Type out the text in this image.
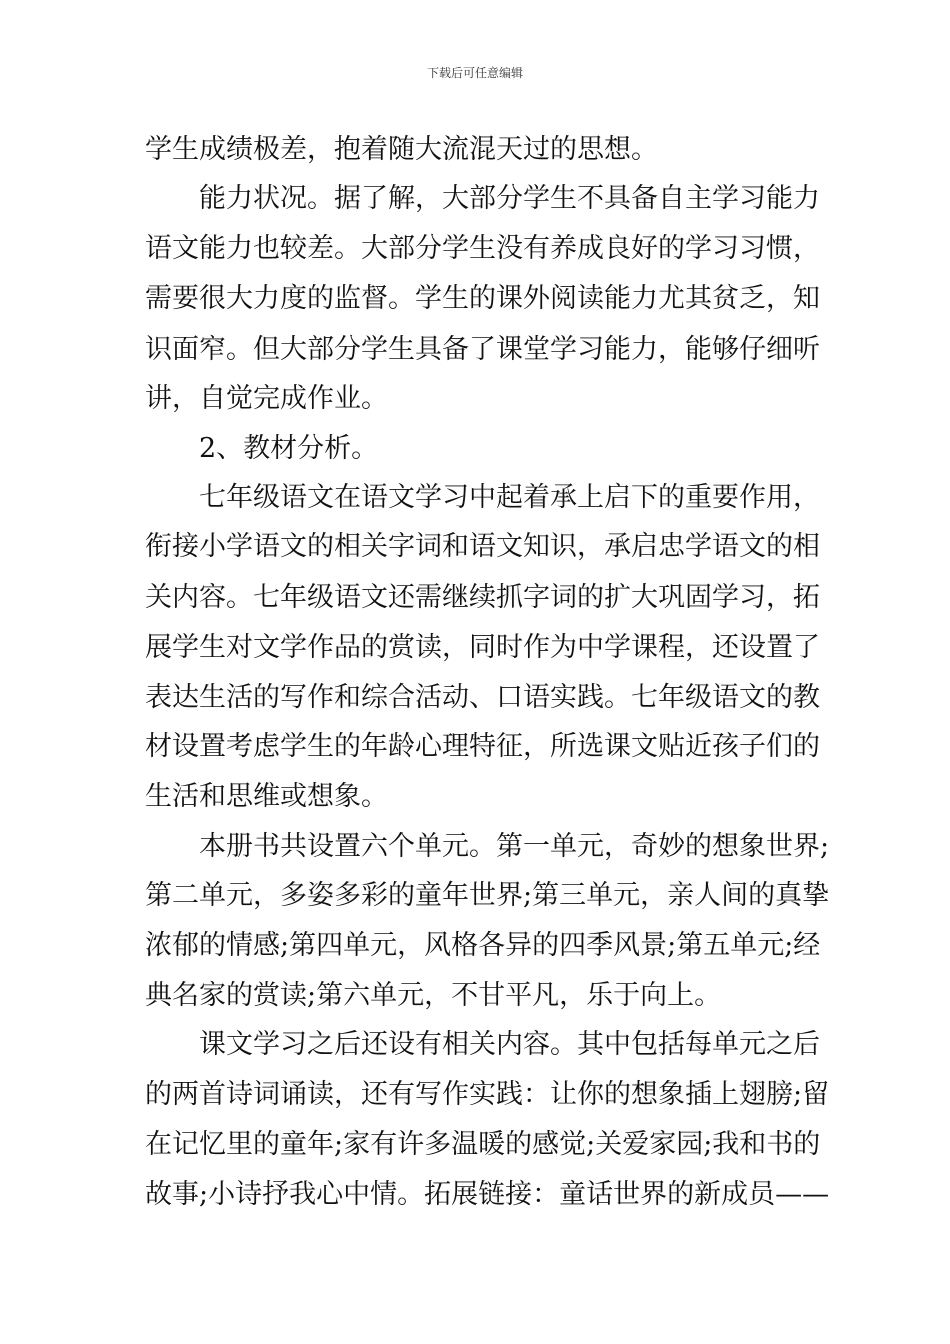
下载后可任意编辑
学生成绩极差，抱着随大流混天过的思想。
能力状况。据了解，大部分学生不具备自主学习能力
语文能力也较差。大部分学生没有养成良好的学习习惯，
需要很大力度的监督。学生的课外阅读能力尤其贫乏，知
识面窄。但大部分学生具备了课堂学习能力，能够仔细听
讲，自觉完成作业。
2、教材分析。
七年级语文在语文学习中起着承上启下的重要作用，
衔接小学语文的相关字词和语文知识，承启忠学语文的相
关内容。七年级语文还需继续抓字词的扩大巩固学习，拓
展学生对文学作品的赏读，同时作为中学课程，还设置了
表达生活的写作和综合活动、口语实践。七年级语文的教
材设置考虑学生的年龄心理特征，所选课文贴近孩子们的
生活和思维或想象。
本册书共设置六个单元。第一单元，奇妙的想象世界;
第二单元，多姿多彩的童年世界;第三单元，亲人间的真挚
浓郁的情感;第四单元，风格各异的四季风景;第五单元;经
典名家的赏读;第六单元，不甘平凡，乐于向上。
课文学习之后还设有相关内容。其中包括每单元之后
的两首诗词诵读，还有写作实践：让你的想象插上翅膀;留
在记忆里的童年;家有许多温暖的感觉;关爱家园;我和书的
故事;小诗抒我心中情。拓展链接：童话世界的新成员——
